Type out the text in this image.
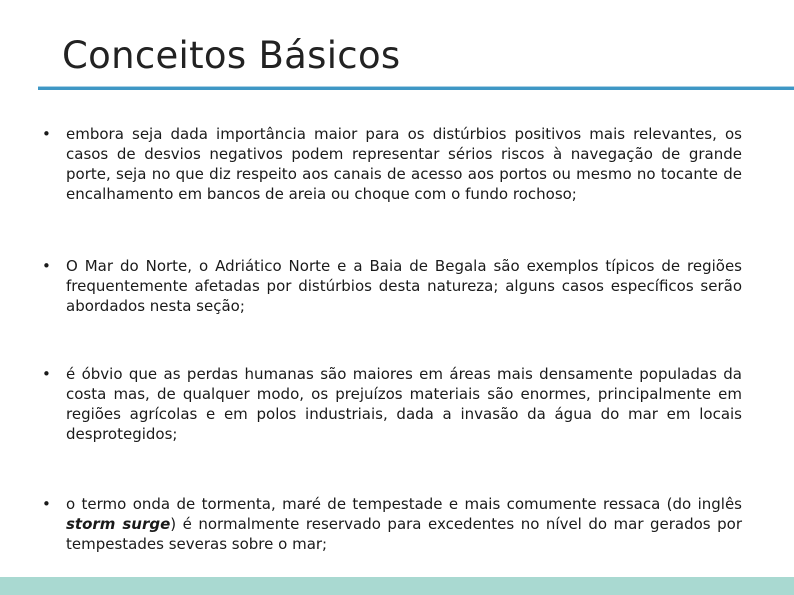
Conceitos Básicos
•	embora seja dada importância maior para os distúrbios positivos mais relevantes, os casos de desvios negativos podem representar sérios riscos à navegação de grande porte, seja no que diz respeito aos canais de acesso aos portos ou mesmo no tocante de encalhamento em bancos de areia ou choque com o fundo rochoso;
•	O Mar do Norte, o Adriático Norte e a Baia de Begala são exemplos típicos de regiões frequentemente afetadas por distúrbios desta natureza; alguns casos específicos serão abordados nesta seção;
•	é óbvio que as perdas humanas são maiores em áreas mais densamente populadas da costa mas, de qualquer modo, os prejuízos materiais são enormes, principalmente em regiões agrícolas e em polos industriais, dada a invasão da água do mar em locais desprotegidos;
•	o termo onda de tormenta, maré de tempestade e mais comumente ressaca (do inglês storm surge) é normalmente reservado para excedentes no nível do mar gerados por tempestades severas sobre o mar;
